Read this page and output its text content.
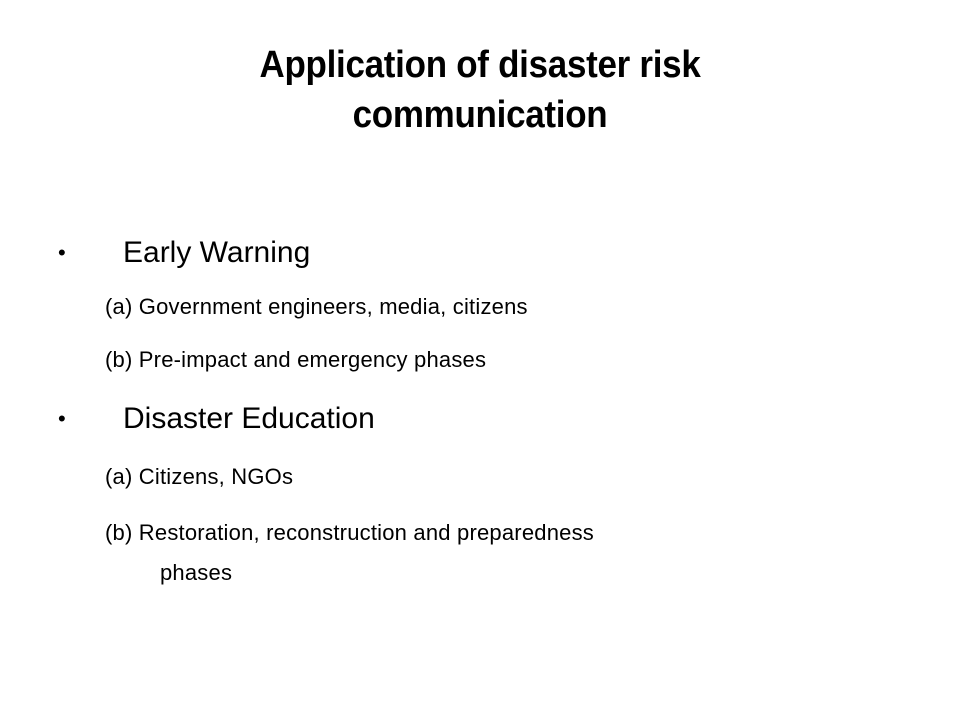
Application of disaster risk
communication
•	Early Warning
(a) Government engineers, media, citizens
(b) Pre-impact and emergency phases
•	Disaster Education
(a) Citizens, NGOs
(b) Restoration, reconstruction and preparedness
phases
